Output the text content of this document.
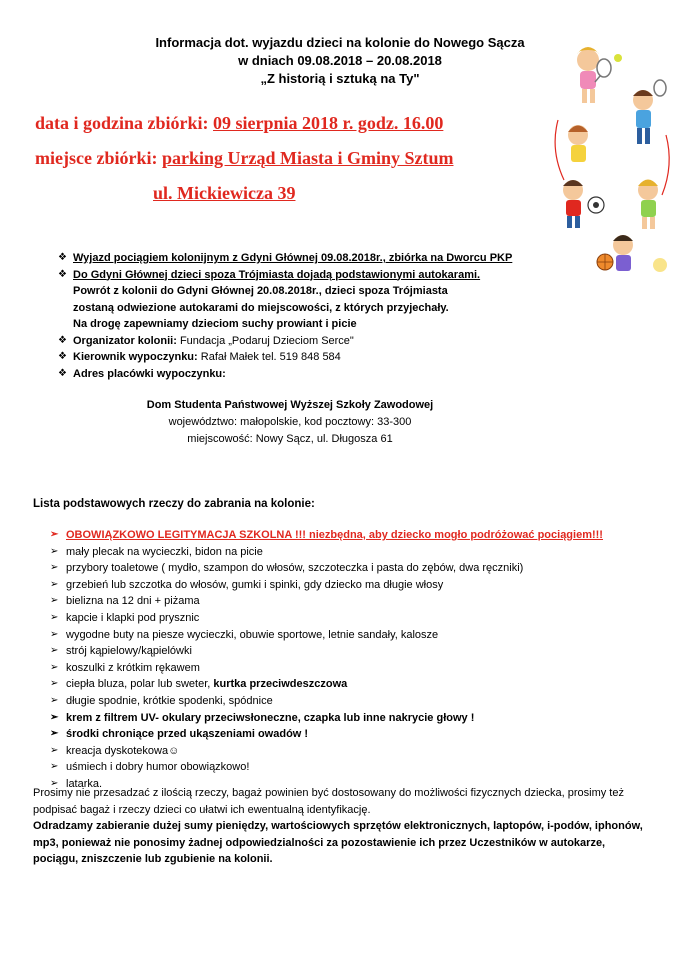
Informacja dot. wyjazdu dzieci na kolonie do Nowego Sącza
w dniach 09.08.2018 – 20.08.2018
„Z historią i sztuką na Ty"
data i godzina zbiórki: 09 sierpnia 2018 r. godz. 16.00
miejsce zbiórki: parking Urząd Miasta i Gminy Sztum
ul. Mickiewicza 39
❖ Wyjazd pociągiem kolonijnym z Gdyni Głównej 09.08.2018r., zbiórka na Dworcu PKP
❖ Do Gdyni Głównej dzieci spoza Trójmiasta dojadą podstawionymi autokarami.
Powrót z kolonii do Gdyni Głównej 20.08.2018r., dzieci spoza Trójmiasta
zostaną odwiezione autokarami do miejscowości, z których przyjechały.
Na drogę zapewniamy dzieciom suchy prowiant i picie
❖ Organizator kolonii: Fundacja „Podaruj Dzieciom Serce"
❖ Kierownik wypoczynku: Rafał Małek tel. 519 848 584
❖ Adres placówki wypoczynku:
Dom Studenta Państwowej Wyższej Szkoły Zawodowej
województwo: małopolskie, kod pocztowy: 33-300
miejscowość: Nowy Sącz, ul. Długosza 61
Lista podstawowych rzeczy do zabrania na kolonie:
➢ OBOWIĄZKOWO LEGITYMACJA SZKOLNA !!! niezbędna, aby dziecko mogło podróżować pociągiem!!!
➢ mały plecak na wycieczki, bidon na picie
➢ przybory toaletowe ( mydło, szampon do włosów, szczoteczka i pasta do zębów, dwa ręczniki)
➢ grzebień lub szczotka do włosów, gumki i spinki, gdy dziecko ma długie włosy
➢ bielizna na 12 dni + piżama
➢ kapcie i klapki pod prysznic
➢ wygodne buty na piesze wycieczki, obuwie sportowe, letnie sandały, kalosze
➢ strój kąpielowy/kąpielówki
➢ koszulki z krótkim rękawem
➢ ciepła bluza, polar lub sweter, kurtka przeciwdeszczowa
➢ długie spodnie, krótkie spodenki, spódnice
➢ krem z filtrem UV- okulary przeciwsłoneczne, czapka lub inne nakrycie głowy !
➢ środki chroniące przed ukąszeniami owadów !
➢ kreacja dyskotekowa☺
➢ uśmiech i dobry humor obowiązkowo!
➢ latarka.
Prosimy nie przesadzać z ilością rzeczy, bagaż powinien być dostosowany do możliwości fizycznych dziecka, prosimy też podpisać bagaż i rzeczy dzieci co ułatwi ich ewentualną identyfikację.
Odradzamy zabieranie dużej sumy pieniędzy, wartościowych sprzętów elektronicznych, laptopów, i-podów, iphonów, mp3, ponieważ nie ponosimy żadnej odpowiedzialności za pozostawienie ich przez Uczestników w autokarze, pociągu, zniszczenie lub zgubienie na kolonii.
